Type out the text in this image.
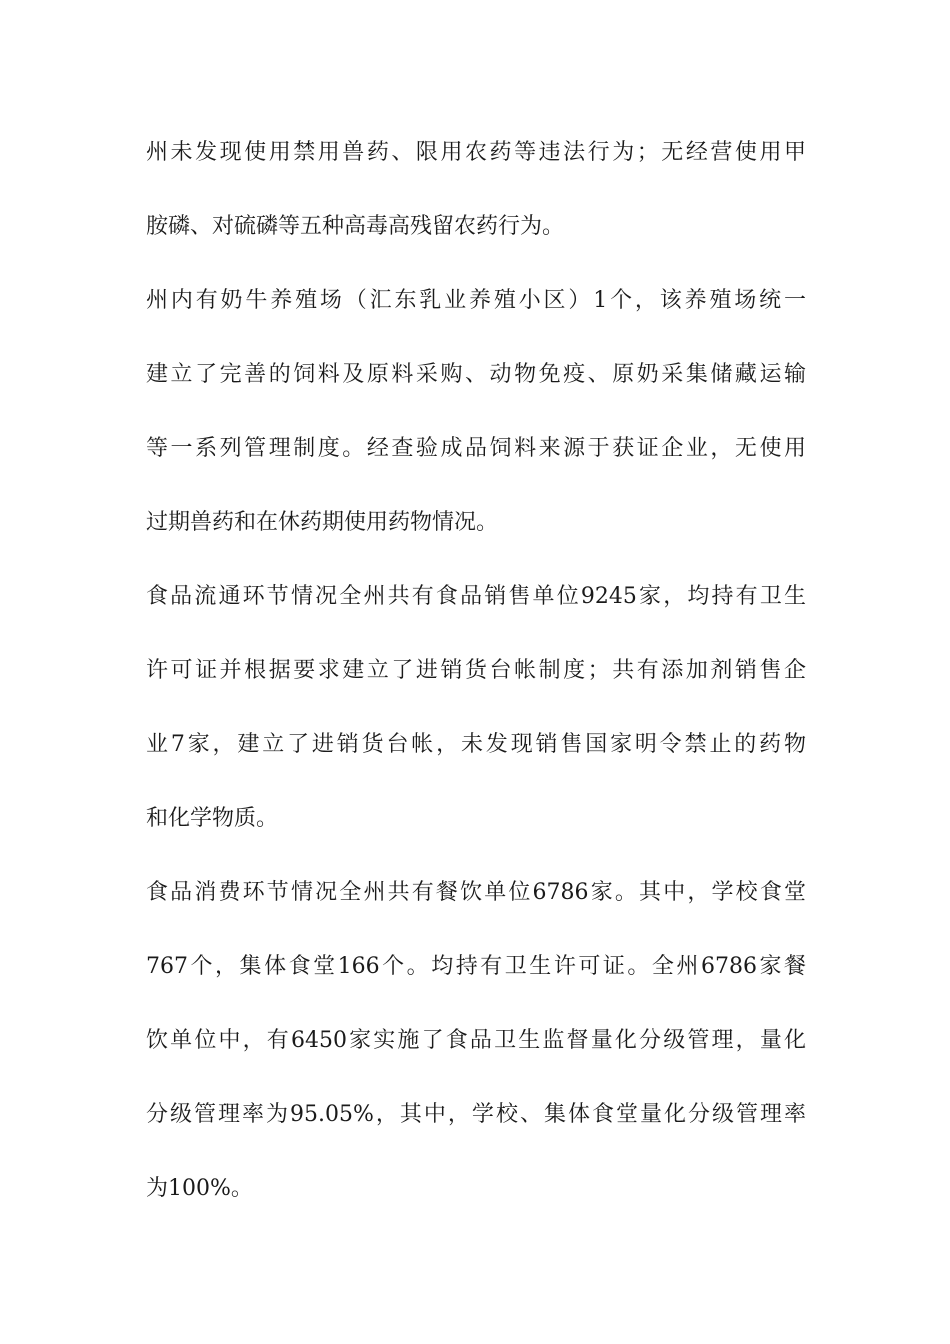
州未发现使用禁用兽药、限用农药等违法行为；无经营使用甲
胺磷、对硫磷等五种高毒高残留农药行为。
州内有奶牛养殖场（汇东乳业养殖小区）1个，该养殖场统一
建立了完善的饲料及原料采购、动物免疫、原奶采集储藏运输
等一系列管理制度。经查验成品饲料来源于获证企业，无使用
过期兽药和在休药期使用药物情况。
食品流通环节情况全州共有食品销售单位9245家，均持有卫生
许可证并根据要求建立了进销货台帐制度；共有添加剂销售企
业7家，建立了进销货台帐，未发现销售国家明令禁止的药物
和化学物质。
食品消费环节情况全州共有餐饮单位6786家。其中，学校食堂
767个，集体食堂166个。均持有卫生许可证。全州6786家餐
饮单位中，有6450家实施了食品卫生监督量化分级管理，量化
分级管理率为95.05%，其中，学校、集体食堂量化分级管理率
为100%。
